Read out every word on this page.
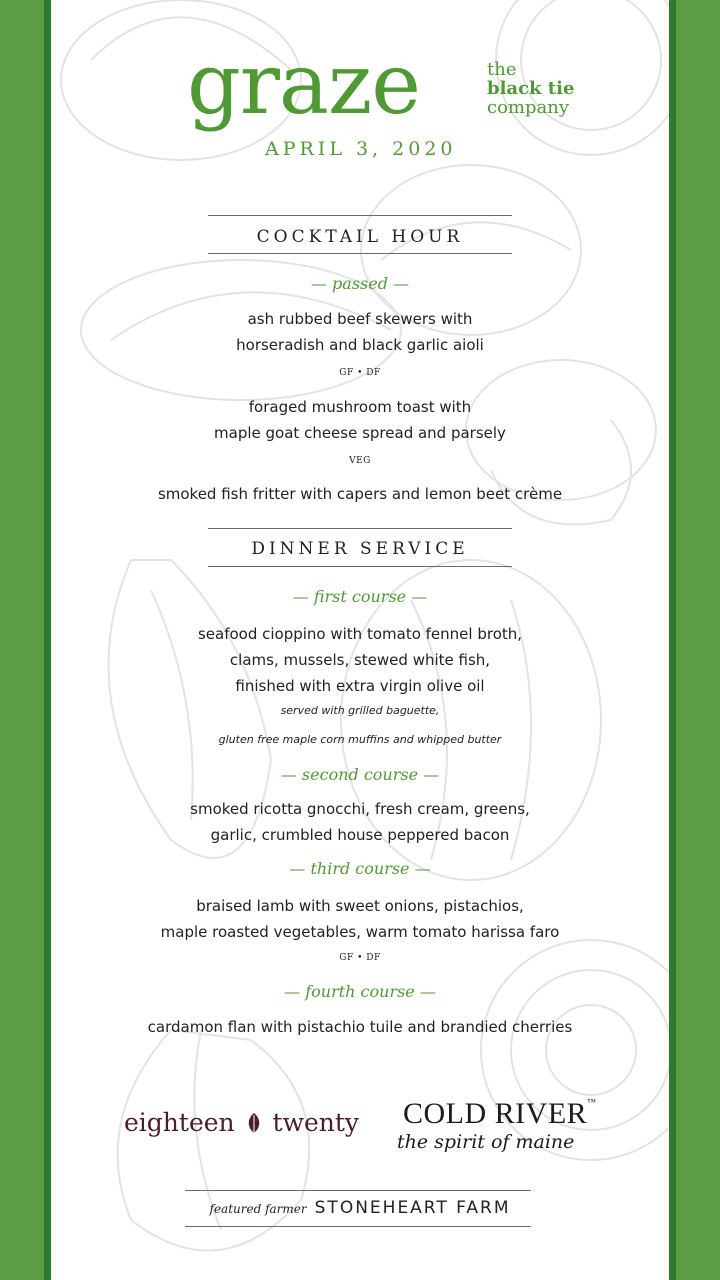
graze	the
black tie
company
APRIL 3, 2020
COCKTAIL HOUR
— passed —
ash rubbed beef skewers with
horseradish and black garlic aioli
GF • DF
foraged mushroom toast with
maple goat cheese spread and parsely
VEG
smoked fish fritter with capers and lemon beet crème
DINNER SERVICE
— first course —
seafood cioppino with tomato fennel broth,
clams, mussels, stewed white fish,
finished with extra virgin olive oil
served with grilled baguette,
gluten free maple corn muffins and whipped butter
— second course —
smoked ricotta gnocchi, fresh cream, greens,
garlic, crumbled house peppered bacon
— third course —
braised lamb with sweet onions, pistachios,
maple roasted vegetables, warm tomato harissa faro
GF • DF
— fourth course —
cardamon flan with pistachio tuile and brandied cherries
eighteen twenty COLD RIVER™
the spirit of maine
featured farmer STONEHEART FARM
